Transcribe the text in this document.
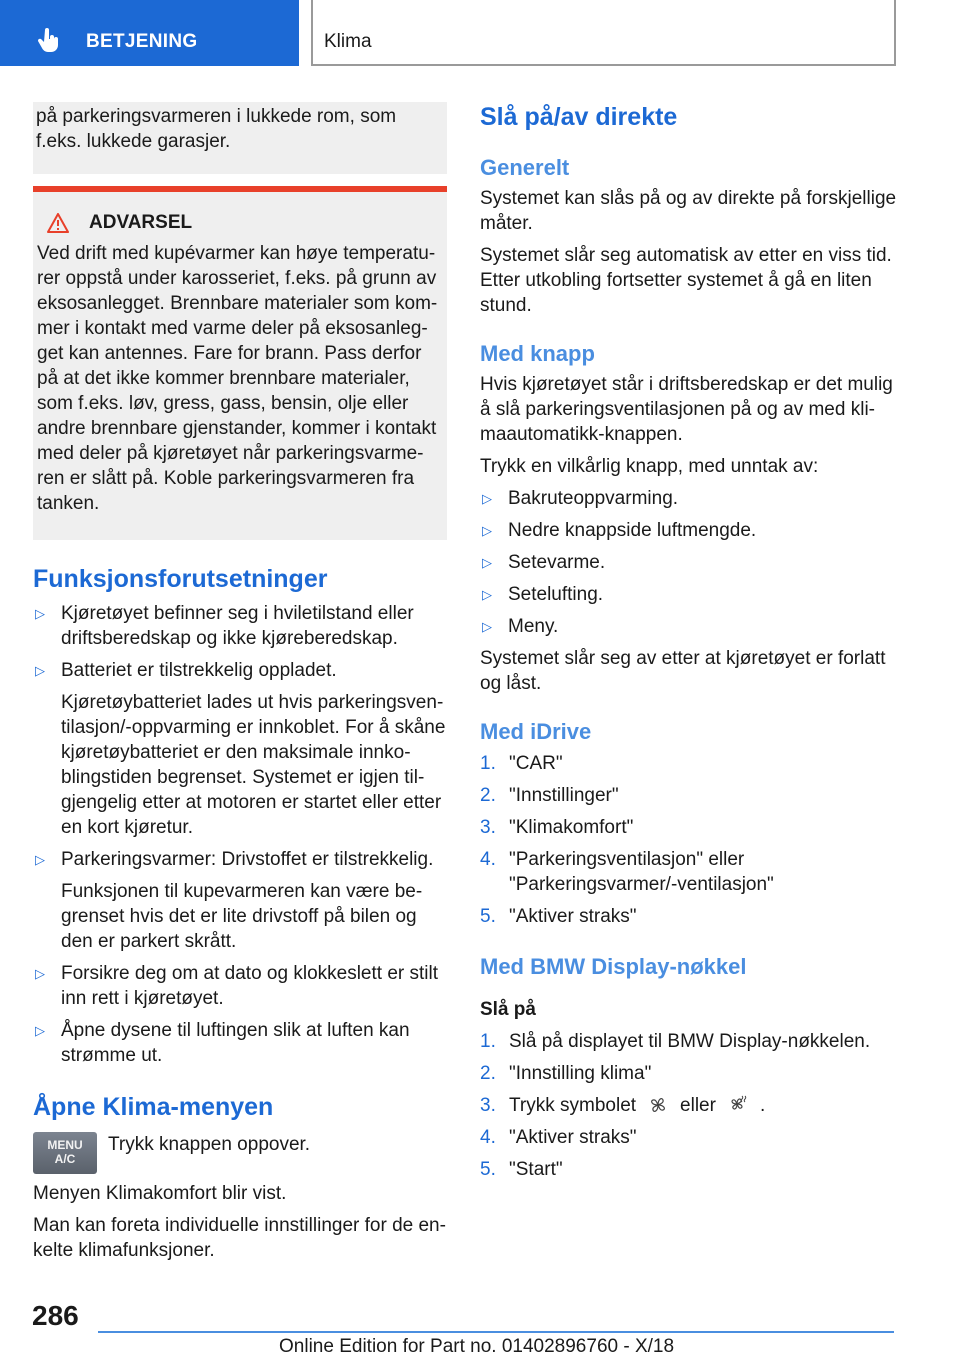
BETJENING	Klima
på parkeringsvarmeren i lukkede rom, som f.eks. lukkede garasjer.
ADVARSEL
Ved drift med kupévarmer kan høye temperaturer oppstå under karosseriet, f.eks. på grunn av eksosanlegget. Brennbare materialer som kommer i kontakt med varme deler på eksosanlegget kan antennes. Fare for brann. Pass derfor på at det ikke kommer brennbare materialer, som f.eks. løv, gress, gass, bensin, olje eller andre brennbare gjenstander, kommer i kontakt med deler på kjøretøyet når parkeringsvarmeren er slått på. Koble parkeringsvarmeren fra tanken.
Funksjonsforutsetninger
▷ Kjøretøyet befinner seg i hviletilstand eller driftsberedskap og ikke kjøreberedskap.
▷ Batteriet er tilstrekkelig oppladet.
Kjøretøybatteriet lades ut hvis parkeringsventilasjon/-oppvarming er innkoblet. For å skåne kjøretøybatteriet er den maksimale innkoblingstiden begrenset. Systemet er igjen tilgjengelig etter at motoren er startet eller etter en kort kjøretur.
▷ Parkeringsvarmer: Drivstoffet er tilstrekkelig.
Funksjonen til kupevarmeren kan være begrenset hvis det er lite drivstoff på bilen og den er parkert skrått.
▷ Forsikre deg om at dato og klokkeslett er stilt inn rett i kjøretøyet.
▷ Åpne dysene til luftingen slik at luften kan strømme ut.
Åpne Klima-menyen
MENU
A/C
Trykk knappen oppover.

Menyen Klimakomfort blir vist.

Man kan foreta individuelle innstillinger for de enkelte klimafunksjoner.

Slå på/av direkte
Generelt

Systemet kan slås på og av direkte på forskjellige måter.

Systemet slår seg automatisk av etter en viss tid. Etter utkobling fortsetter systemet å gå en liten stund.

Med knapp

Hvis kjøretøyet står i driftsberedskap er det mulig å slå parkeringsventilasjonen på og av med klimaautomatikk-knappen.

Trykk en vilkårlig knapp, med unntak av:

▷ Bakruteoppvarming.
▷ Nedre knappside luftmengde.
▷ Setevarme.
▷ Setelufting.
▷ Meny.

Systemet slår seg av etter at kjøretøyet er forlatt og låst.

Med iDrive
1. "CAR"
2. "Innstillinger"
3. "Klimakomfort"
4. "Parkeringsventilasjon" eller "Parkeringsvarmer/-ventilasjon"
5. "Aktiver straks"
Med BMW Display-nøkkel
Slå på
1. Slå på displayet til BMW Display-nøkkelen.
2. "Innstilling klima"
3. Trykk symbolet eller .
4. "Aktiver straks"
5. "Start"
286
Online Edition for Part no. 01402896760 - X/18
